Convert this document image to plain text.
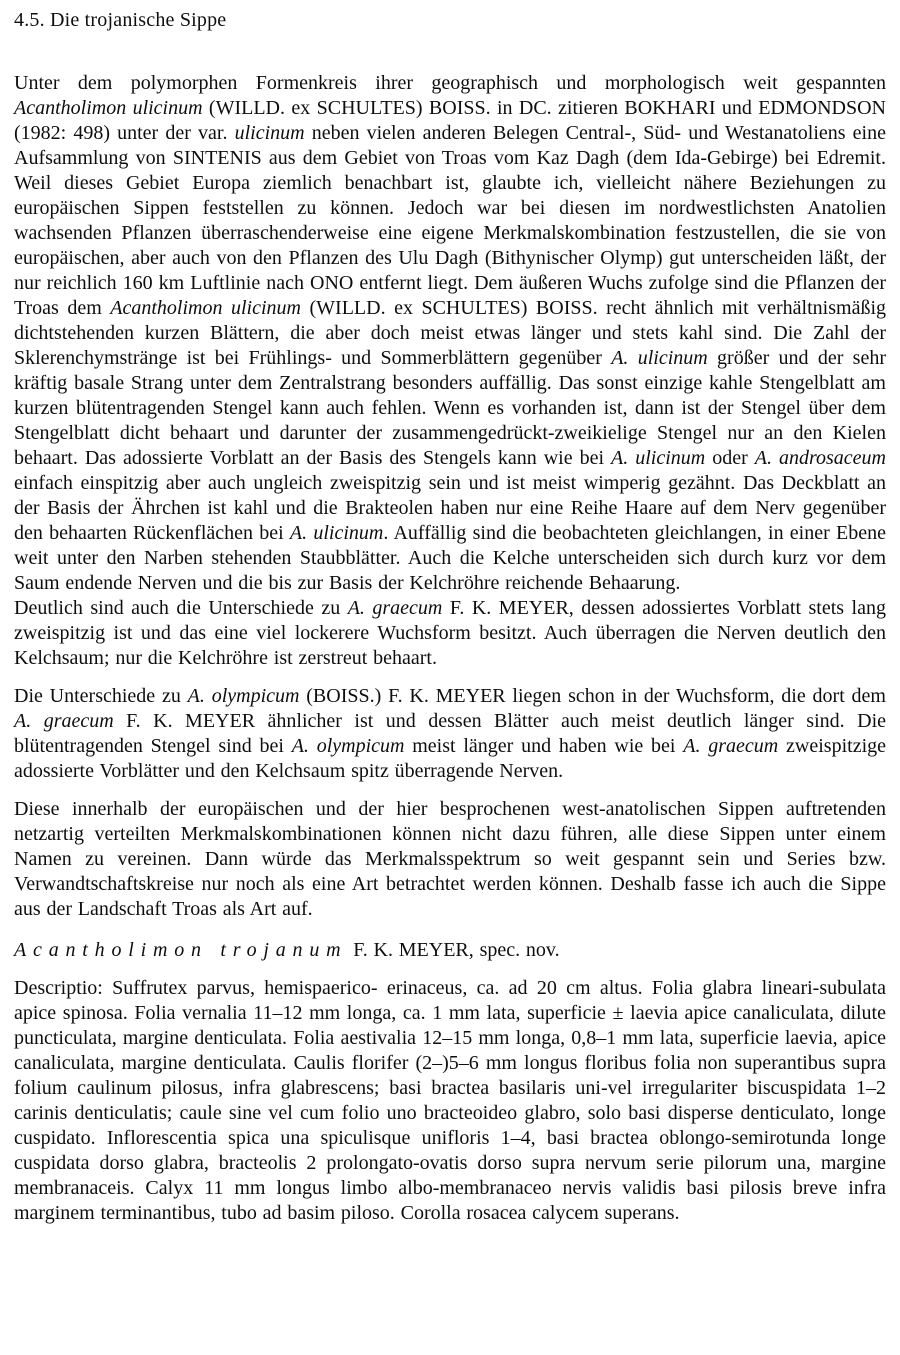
4.5. Die trojanische Sippe

Unter dem polymorphen Formenkreis ihrer geographisch und morphologisch weit gespannten Acantholimon ulicinum (WILLD. ex SCHULTES) BOISS. in DC. zitieren BOKHARI und EDMONDSON (1982: 498) unter der var. ulicinum neben vielen anderen Belegen Central-, Süd- und Westanatoliens eine Aufsammlung von SINTENIS aus dem Gebiet von Troas vom Kaz Dagh (dem Ida-Gebirge) bei Edremit. Weil dieses Gebiet Europa ziemlich benachbart ist, glaubte ich, vielleicht nähere Beziehungen zu europäischen Sippen feststellen zu können. Jedoch war bei diesen im nordwestlichsten Anatolien wachsenden Pflanzen überraschenderweise eine eigene Merkmalskombination festzustellen, die sie von europäischen, aber auch von den Pflanzen des Ulu Dagh (Bithynischer Olymp) gut unterscheiden läßt, der nur reichlich 160 km Luftlinie nach ONO entfernt liegt. Dem äußeren Wuchs zufolge sind die Pflanzen der Troas dem Acantholimon ulicinum (WILLD. ex SCHULTES) BOISS. recht ähnlich mit verhältnismäßig dichtstehenden kurzen Blättern, die aber doch meist etwas länger und stets kahl sind. Die Zahl der Sklerenchymstränge ist bei Frühlings- und Sommerblättern gegenüber A. ulicinum größer und der sehr kräftig basale Strang unter dem Zentralstrang besonders auffällig. Das sonst einzige kahle Stengelblatt am kurzen blütentragenden Stengel kann auch fehlen. Wenn es vorhanden ist, dann ist der Stengel über dem Stengelblatt dicht behaart und darunter der zusammengedrückt-zweikielige Stengel nur an den Kielen behaart. Das adossierte Vorblatt an der Basis des Stengels kann wie bei A. ulicinum oder A. androsaceum einfach einspitzig aber auch ungleich zweispitzig sein und ist meist wimperig gezähnt. Das Deckblatt an der Basis der Ährchen ist kahl und die Brakteolen haben nur eine Reihe Haare auf dem Nerv gegenüber den behaarten Rückenflächen bei A. ulicinum. Auffällig sind die beobachteten gleichlangen, in einer Ebene weit unter den Narben stehenden Staubblätter. Auch die Kelche unterscheiden sich durch kurz vor dem Saum endende Nerven und die bis zur Basis der Kelchröhre reichende Behaarung.

Deutlich sind auch die Unterschiede zu A. graecum F. K. MEYER, dessen adossiertes Vorblatt stets lang zweispitzig ist und das eine viel lockerere Wuchsform besitzt. Auch überragen die Nerven deutlich den Kelchsaum; nur die Kelchröhre ist zerstreut behaart.

Die Unterschiede zu A. olympicum (BOISS.) F. K. MEYER liegen schon in der Wuchsform, die dort dem A. graecum F. K. MEYER ähnlicher ist und dessen Blätter auch meist deutlich länger sind. Die blütentragenden Stengel sind bei A. olympicum meist länger und haben wie bei A. graecum zweispitzige adossierte Vorblätter und den Kelchsaum spitz überragende Nerven.

Diese innerhalb der europäischen und der hier besprochenen west-anatolischen Sippen auftretenden netzartig verteilten Merkmalskombinationen können nicht dazu führen, alle diese Sippen unter einem Namen zu vereinen. Dann würde das Merkmalsspektrum so weit gespannt sein und Series bzw. Verwandtschaftskreise nur noch als eine Art betrachtet werden können. Deshalb fasse ich auch die Sippe aus der Landschaft Troas als Art auf.

Acantholimon trojanum F. K. MEYER, spec. nov.

Descriptio: Suffrutex parvus, hemispaerico- erinaceus, ca. ad 20 cm altus. Folia glabra lineari-subulata apice spinosa. Folia vernalia 11–12 mm longa, ca. 1 mm lata, superficie ± laevia apice canaliculata, dilute puncticulata, margine denticulata. Folia aestivalia 12–15 mm longa, 0,8–1 mm lata, superficie laevia, apice canaliculata, margine denticulata. Caulis florifer (2–)5–6 mm longus floribus folia non superantibus supra folium caulinum pilosus, infra glabrescens; basi bractea basilaris uni-vel irregulariter biscuspidata 1–2 carinis denticulatis; caule sine vel cum folio uno bracteoideo glabro, solo basi disperse denticulato, longe cuspidato. Inflorescentia spica una spiculisque unifloris 1–4, basi bractea oblongo-semirotunda longe cuspidata dorso glabra, bracteolis 2 prolongato-ovatis dorso supra nervum serie pilorum una, margine membranaceis. Calyx 11 mm longus limbo albo-membranaceo nervis validis basi pilosis breve infra marginem terminantibus, tubo ad basim piloso. Corolla rosacea calycem superans.
